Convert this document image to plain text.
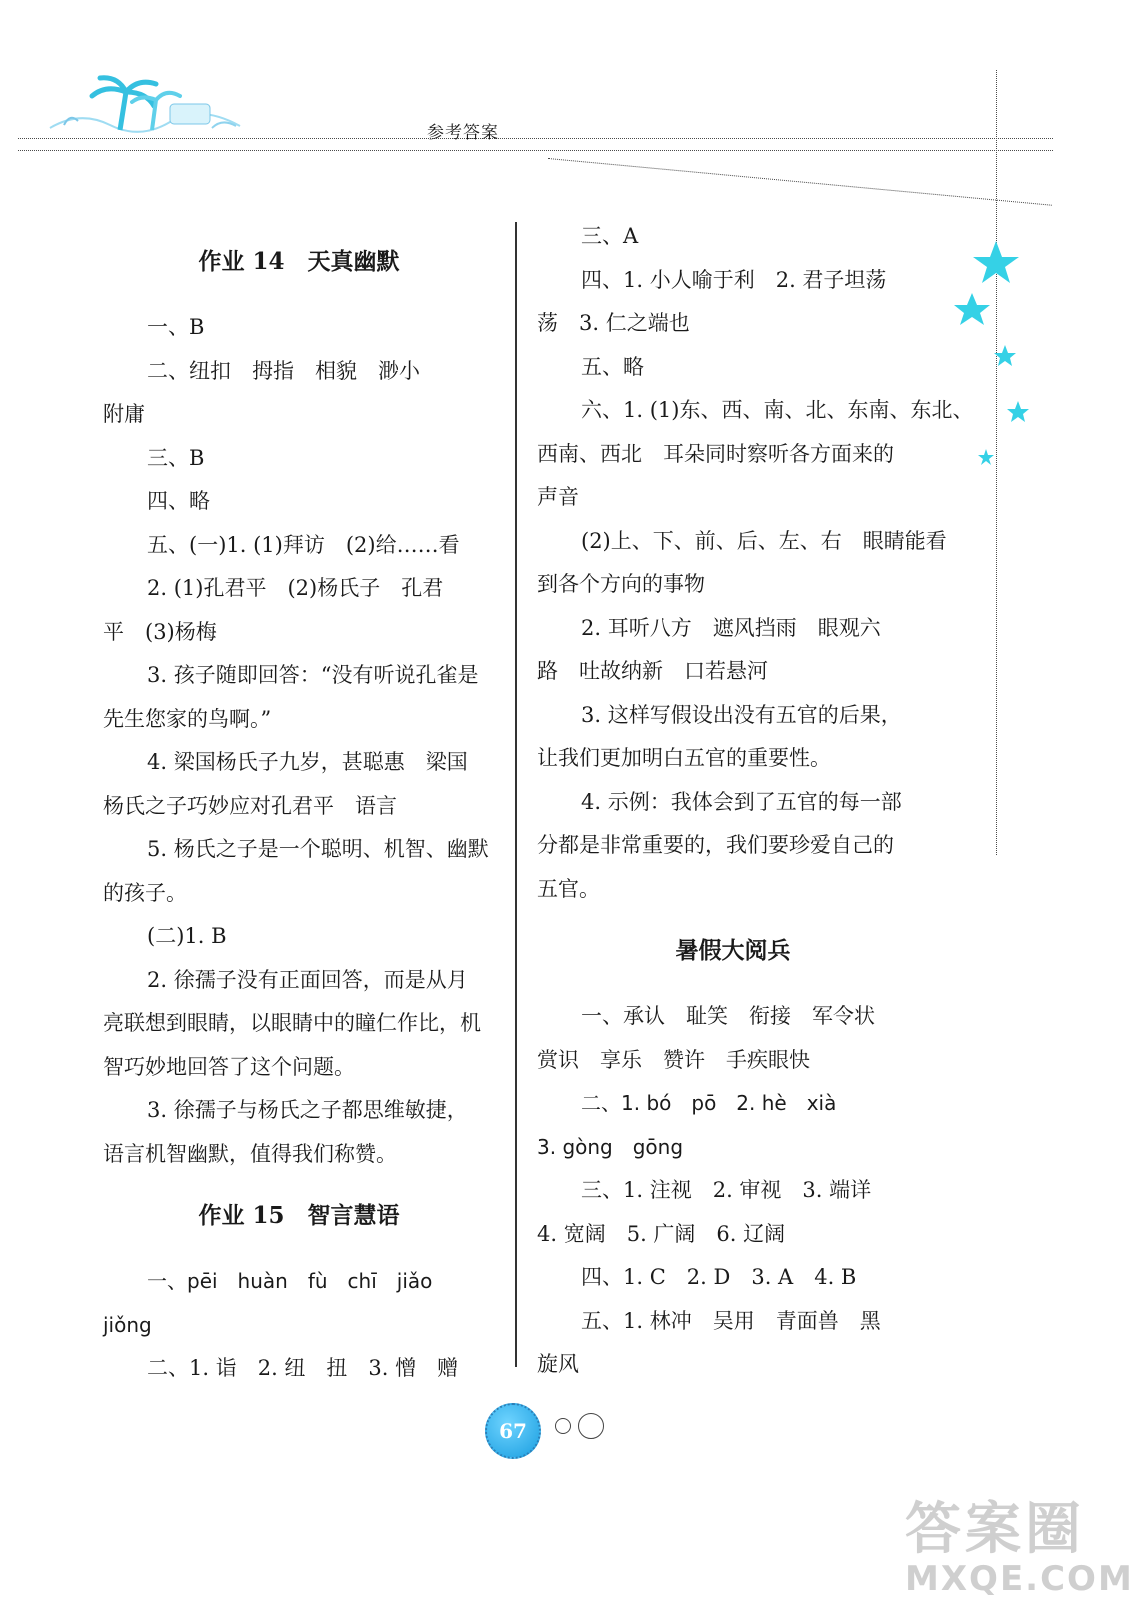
参考答案
作业 14　天真幽默
一、B
二、纽扣　拇指　相貌　渺小
附庸
三、B
四、略
五、(一)1. (1)拜访　(2)给……看
2. (1)孔君平　(2)杨氏子　孔君
平　(3)杨梅
3. 孩子随即回答：“没有听说孔雀是
先生您家的鸟啊。”
4. 梁国杨氏子九岁，甚聪惠　梁国
杨氏之子巧妙应对孔君平　语言
5. 杨氏之子是一个聪明、机智、幽默
的孩子。
(二)1. B
2. 徐孺子没有正面回答，而是从月
亮联想到眼睛，以眼睛中的瞳仁作比，机
智巧妙地回答了这个问题。
3. 徐孺子与杨氏之子都思维敏捷，
语言机智幽默，值得我们称赞。
作业 15　智言慧语
一、pēi　huàn　fù　chī　jiǎo
jiǒng
二、1. 诣　2. 纽　扭　3. 憎　赠
三、A
四、1. 小人喻于利　2. 君子坦荡
荡　3. 仁之端也
五、略
六、1. (1)东、西、南、北、东南、东北、
西南、西北　耳朵同时察听各方面来的
声音
(2)上、下、前、后、左、右　眼睛能看
到各个方向的事物
2. 耳听八方　遮风挡雨　眼观六
路　吐故纳新　口若悬河
3. 这样写假设出没有五官的后果，
让我们更加明白五官的重要性。
4. 示例：我体会到了五官的每一部
分都是非常重要的，我们要珍爱自己的
五官。
暑假大阅兵
一、承认　耻笑　衔接　军令状
赏识　享乐　赞许　手疾眼快
二、1. bó　pō　2. hè　xià
3. gòng　gōng
三、1. 注视　2. 审视　3. 端详
4. 宽阔　5. 广阔　6. 辽阔
四、1. C　2. D　3. A　4. B
五、1. 林冲　吴用　青面兽　黑
旋风
67
答案圈
MXQE.COM
